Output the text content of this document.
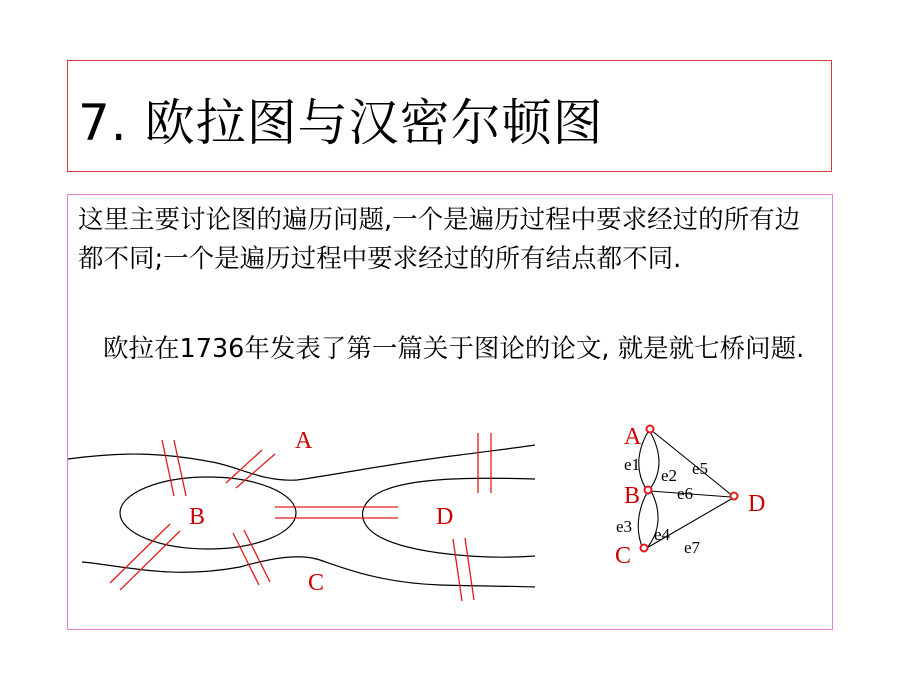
7. 欧拉图与汉密尔顿图
这里主要讨论图的遍历问题,一个是遍历过程中要求经过的所有边都不同;一个是遍历过程中要求经过的所有结点都不同.
欧拉在1736年发表了第一篇关于图论的论文, 就是就七桥问题.
A
B	D
C
A
B
C
D
e1
e2
e3 e4
e5
e6
e7
